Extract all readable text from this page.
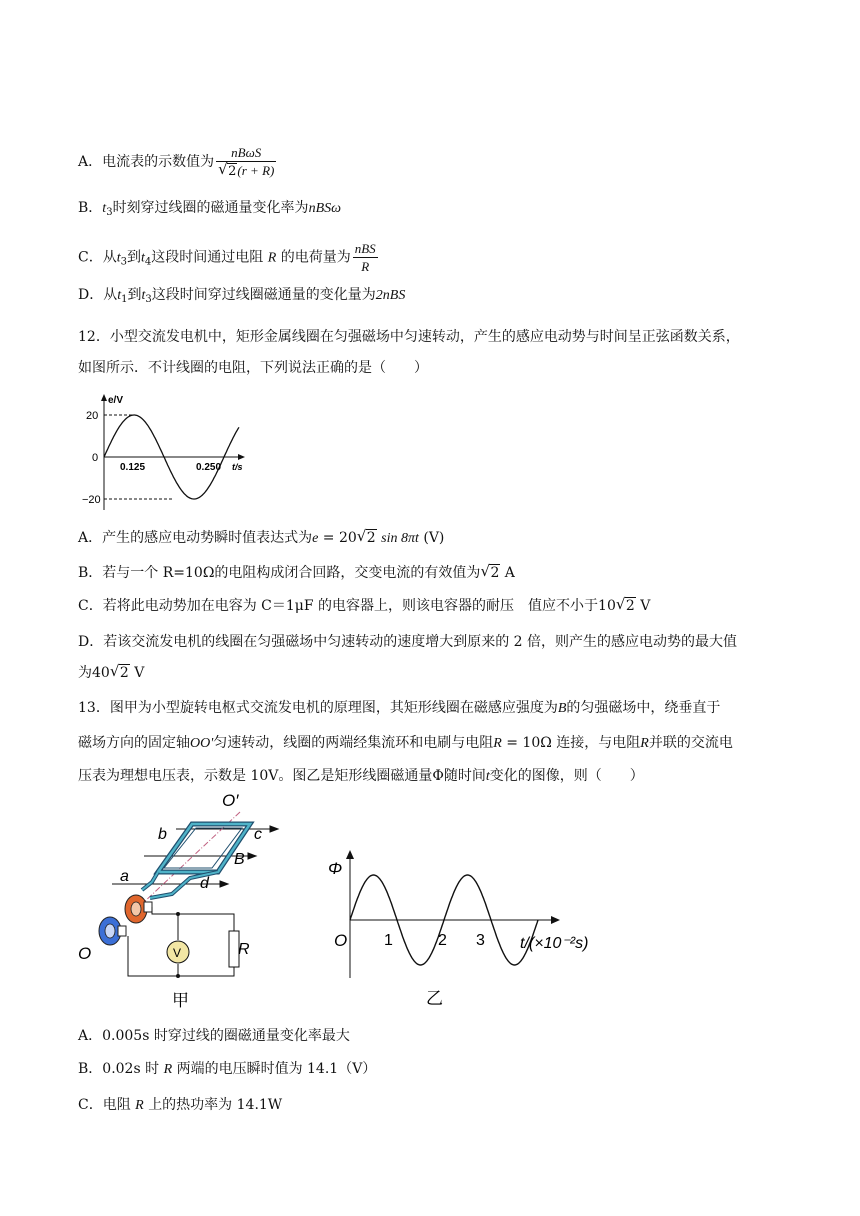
A．电流表的示数值为 $\frac{\text{nBωS}}{√ 2(r + R)}$
B．$t_3$时刻穿过线圈的磁通量变化率为nBSω
C．从$t_3$到$t_4$这段时间通过电阻 R 的电荷量为 $\frac{\text{nBS}}{R}$
D．从$t_1$到$t_3$这段时间穿过线圈磁通量的变化量为2nBS
12．小型交流发电机中，矩形金属线圈在匀强磁场中匀速转动，产生的感应电动势与时间呈正弦函数关系，
如图所示．不计线圈的电阻，下列说法正确的是（　　）
e/V
20
0
−20
0.125	0.250 t/s
A．产生的感应电动势瞬时值表达式为e = 20 √ 2 sin 8πt (V)
B．若与一个 R=10Ω的电阻构成闭合回路，交变电流的有效值为 √ 2 A
C．若将此电动势加在电容为 C＝1μF 的电容器上，则该电容器的耐压　值应不小于10 √ 2 V
D．若该交流发电机的线圈在匀强磁场中匀速转动的速度增大到原来的 2 倍，则产生的感应电动势的最大值
为40 √ 2 V
13．图甲为小型旋转电枢式交流发电机的原理图，其矩形线圈在磁感应强度为B的匀强磁场中，绕垂直于
磁场方向的固定轴OO'匀速转动，线圈的两端经集流环和电刷与电阻R = 10Ω 连接，与电阻R并联的交流电
压表为理想电压表，示数是 10V。图乙是矩形线圈磁通量Φ随时间t变化的图像，则（　　）
V
O′
O
b	c
a	d
B
R
甲
Φ
O 1	2 3 t/(×10⁻²s)
乙
A．0.005s 时穿过线的圈磁通量变化率最大
B．0.02s 时 R 两端的电压瞬时值为 14.1（V）
C．电阻 R 上的热功率为 14.1W
